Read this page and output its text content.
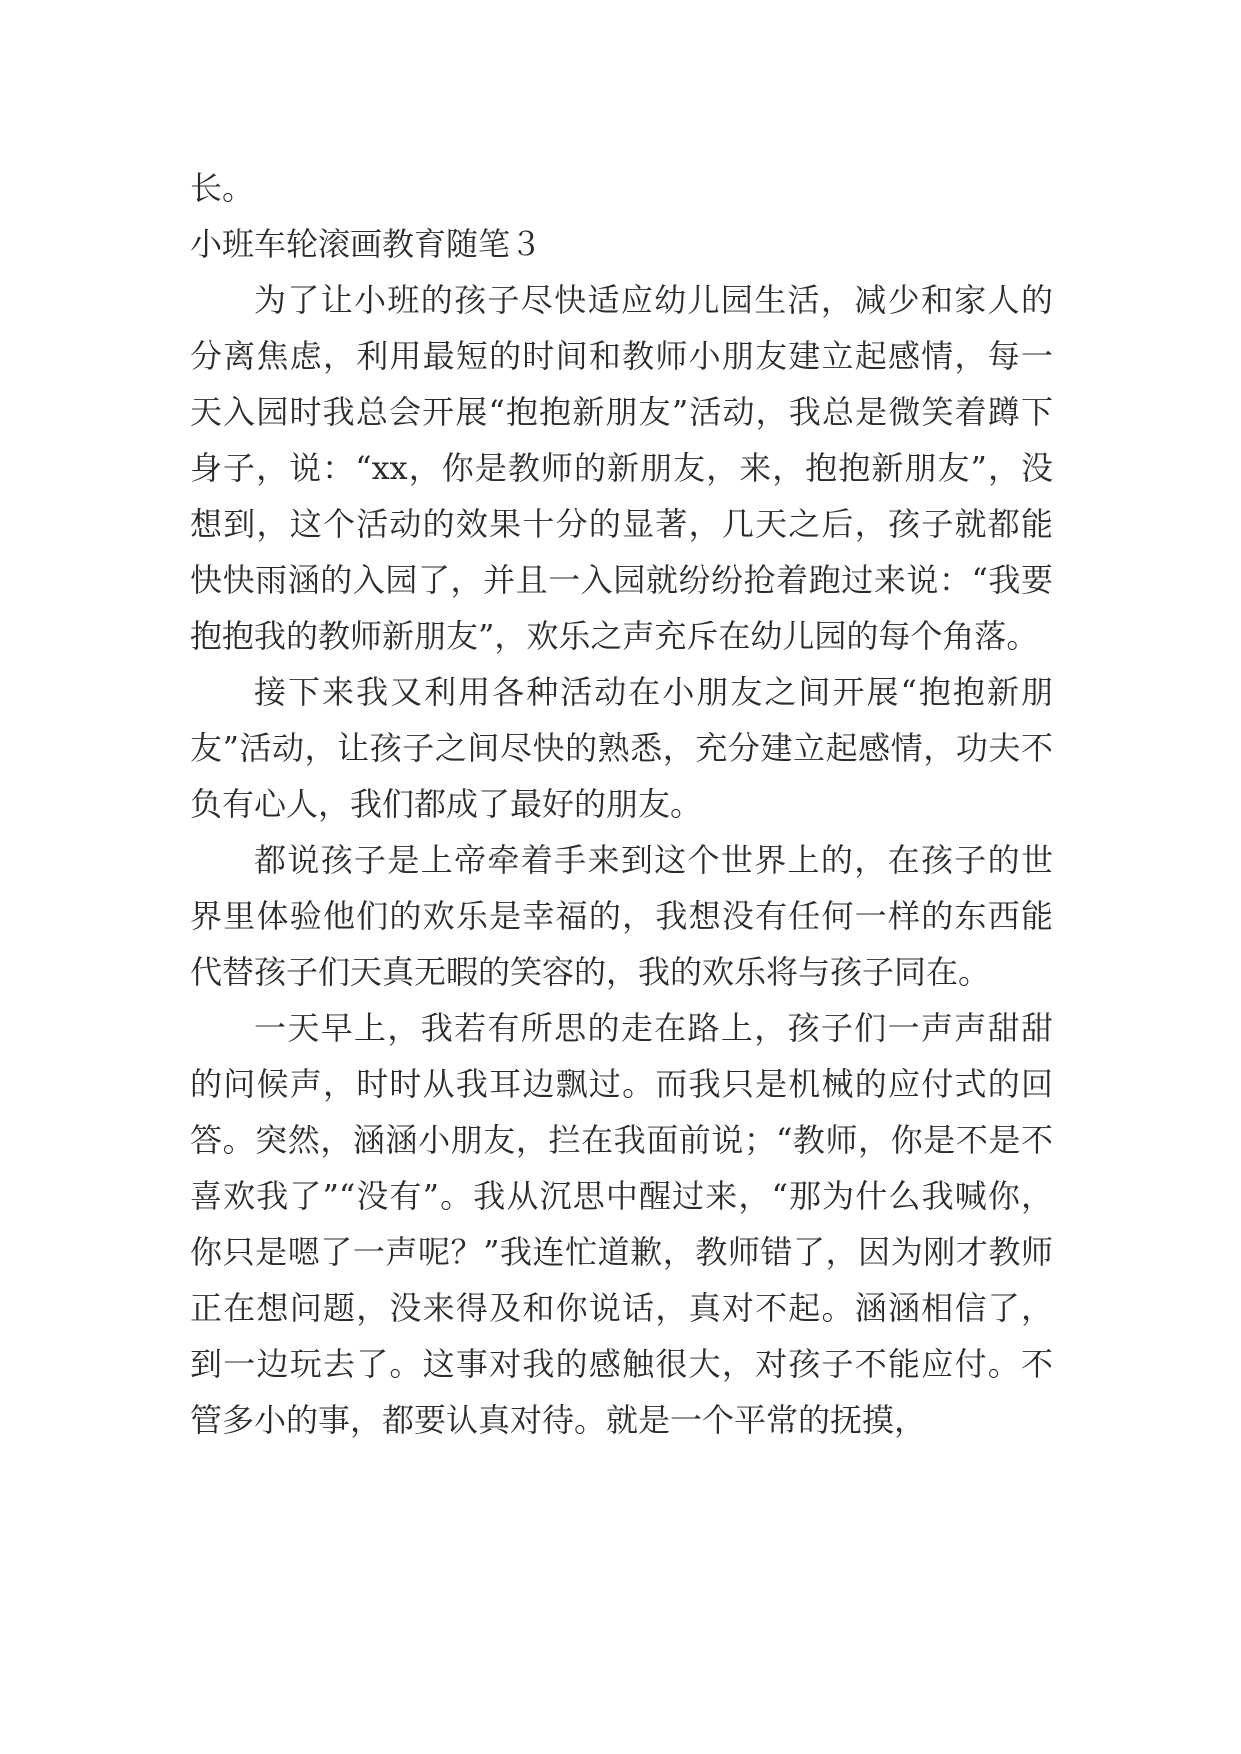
长。

小班车轮滚画教育随笔３

为了让小班的孩子尽快适应幼儿园生活，减少和家人的分离焦虑，利用最短的时间和教师小朋友建立起感情，每一天入园时我总会开展“抱抱新朋友”活动，我总是微笑着蹲下身子，说：“xx，你是教师的新朋友，来，抱抱新朋友”，没想到，这个活动的效果十分的显著，几天之后，孩子就都能快快雨涵的入园了，并且一入园就纷纷抢着跑过来说：“我要抱抱我的教师新朋友”，欢乐之声充斥在幼儿园的每个角落。

接下来我又利用各种活动在小朋友之间开展“抱抱新朋友”活动，让孩子之间尽快的熟悉，充分建立起感情，功夫不负有心人，我们都成了最好的朋友。

都说孩子是上帝牵着手来到这个世界上的，在孩子的世界里体验他们的欢乐是幸福的，我想没有任何一样的东西能代替孩子们天真无暇的笑容的，我的欢乐将与孩子同在。

一天早上，我若有所思的走在路上，孩子们一声声甜甜的问候声，时时从我耳边飘过。而我只是机械的应付式的回答。突然，涵涵小朋友，拦在我面前说；“教师，你是不是不喜欢我了”“没有”。我从沉思中醒过来，“那为什么我喊你，你只是嗯了一声呢？”我连忙道歉，教师错了，因为刚才教师正在想问题，没来得及和你说话，真对不起。涵涵相信了，到一边玩去了。这事对我的感触很大，对孩子不能应付。不管多小的事，都要认真对待。就是一个平常的抚摸，
